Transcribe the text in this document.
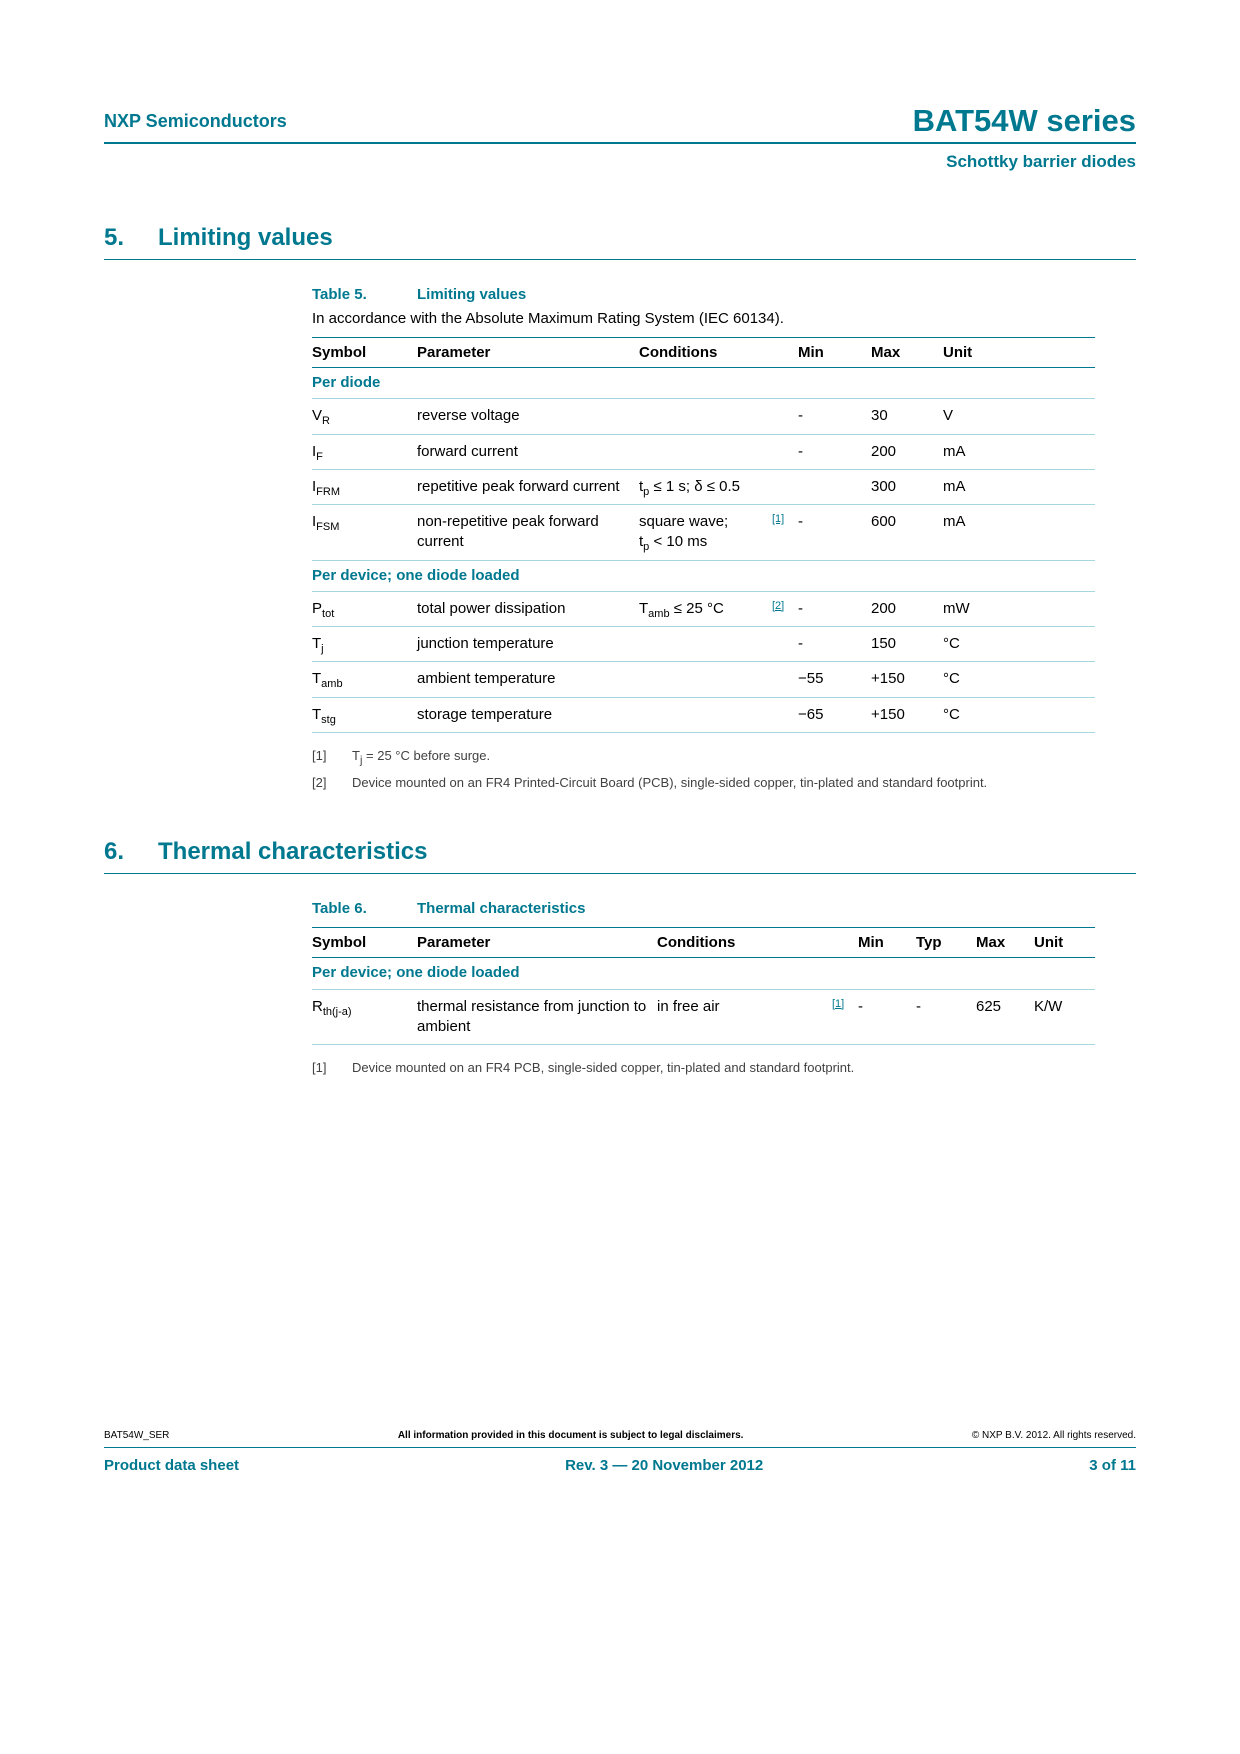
NXP Semiconductors	BAT54W series
Schottky barrier diodes
5.	Limiting values
Table 5.	Limiting values
In accordance with the Absolute Maximum Rating System (IEC 60134).
Symbol	Parameter	Conditions		Min	Max	Unit
Per diode						
$V_R$	reverse voltage			-	30	V
$I_F$	forward current			-	200	mA
$I_{FRM}$	repetitive peak forward current	$t_p \le 1$ s; δ ≤ 0.5			300	mA
$I_{FSM}$	non-repetitive peak forward current	square wave;
$t_p < 10$ ms	[1]	-	600	mA
Per device; one diode loaded						
$P_{tot}$	total power dissipation	$T_{amb} \le 25$ °C	[2]	-	200	mW
$T_j$	junction temperature			-	150	°C
$T_{amb}$	ambient temperature			−55	+150	°C
$T_{stg}$	storage temperature			−65	+150	°C
[1]	$T_j = 25$ °C before surge.
[2]	Device mounted on an FR4 Printed-Circuit Board (PCB), single-sided copper, tin-plated and standard footprint.
6.	Thermal characteristics
Table 6.	Thermal characteristics
Symbol	Parameter	Conditions		Min	Typ	Max	Unit
Per device; one diode loaded							
$R_{th(j-a)}$	thermal resistance from junction to ambient	in free air	[1]	-	-	625	K/W
[1]	Device mounted on an FR4 PCB, single-sided copper, tin-plated and standard footprint.
BAT54W_SER	All information provided in this document is subject to legal disclaimers.	© NXP B.V. 2012. All rights reserved.
Product data sheet	Rev. 3 — 20 November 2012	3 of 11
